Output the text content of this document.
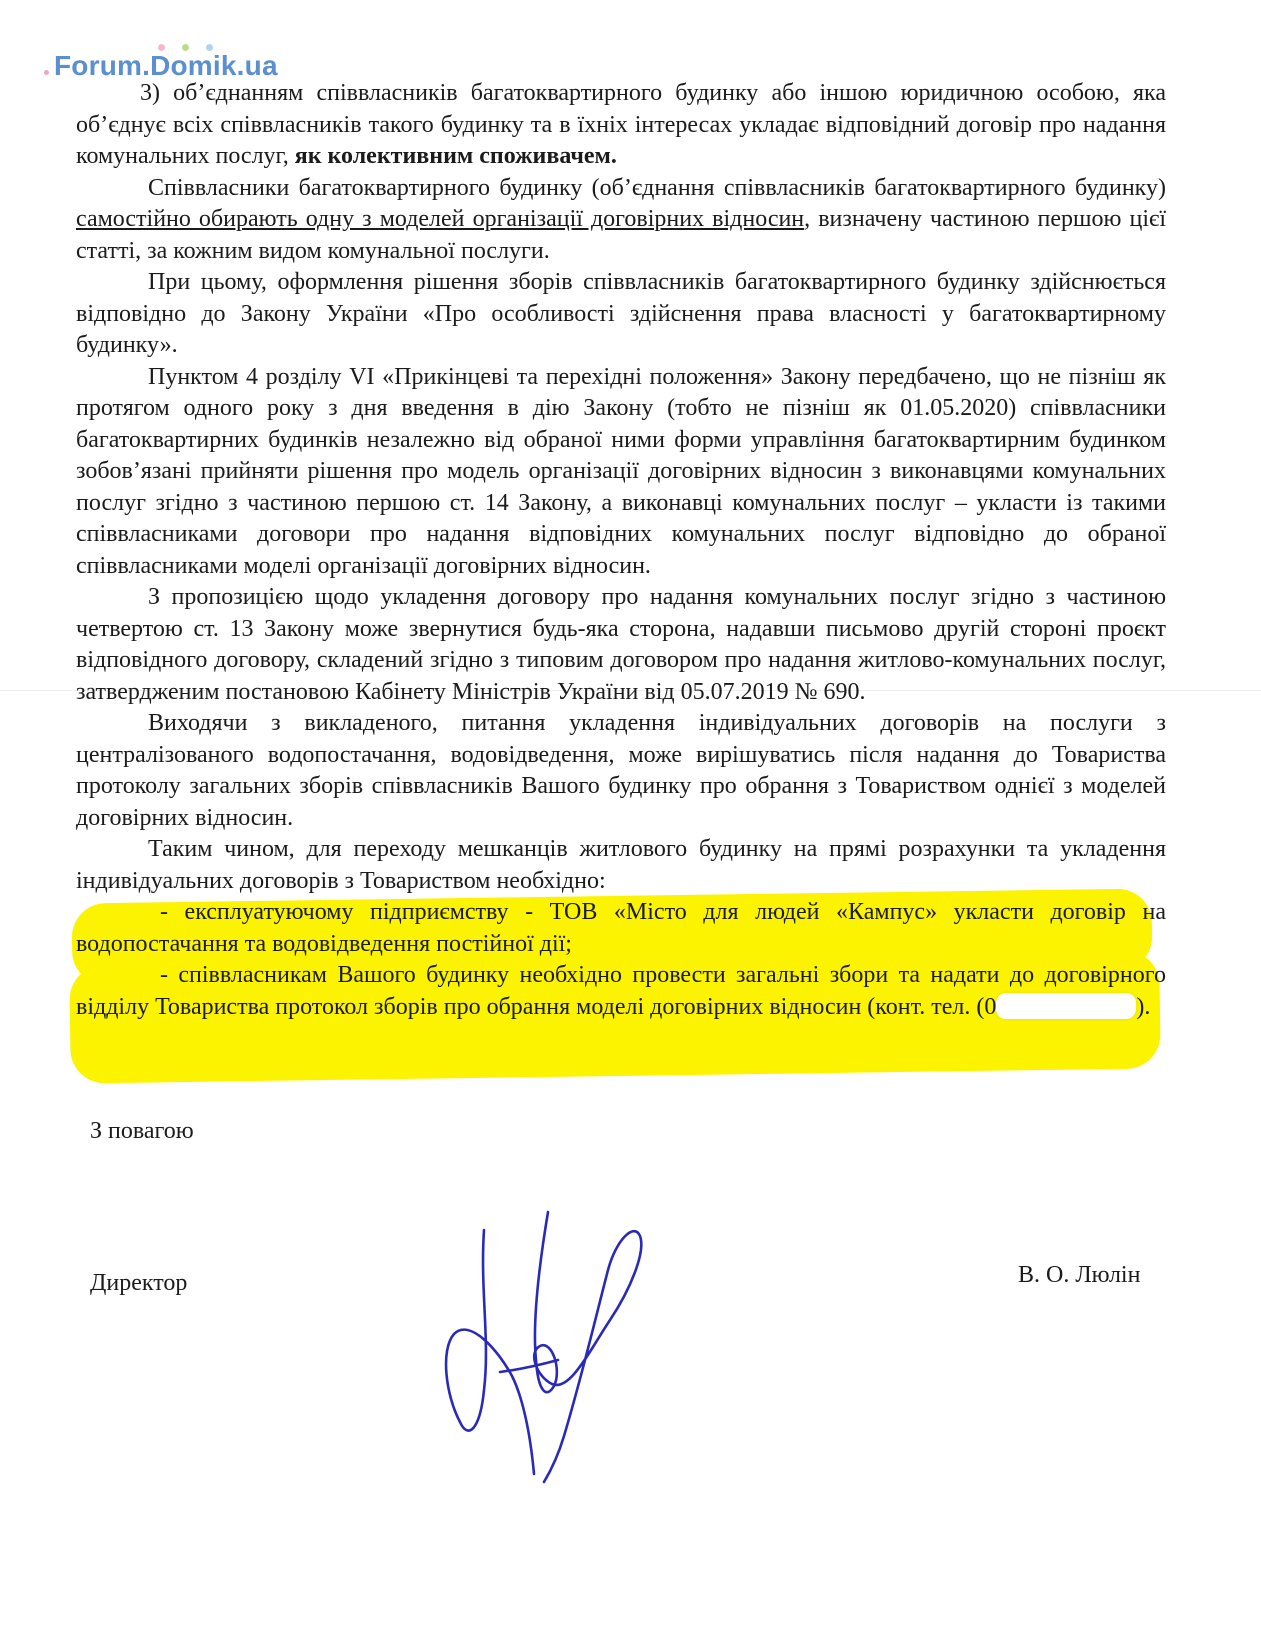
Forum.Domik.ua

3) об’єднанням співвласників багатоквартирного будинку або іншою юридичною особою, яка об’єднує всіх співвласників такого будинку та в їхніх інтересах укладає відповідний договір про надання комунальних послуг, як колективним споживачем.

Співвласники багатоквартирного будинку (об’єднання співвласників багатоквартирного будинку) самостійно обирають одну з моделей організації договірних відносин, визначену частиною першою цієї статті, за кожним видом комунальної послуги.

При цьому, оформлення рішення зборів співвласників багатоквартирного будинку здійснюється відповідно до Закону України «Про особливості здійснення права власності у багатоквартирному будинку».

Пунктом 4 розділу VI «Прикінцеві та перехідні положення» Закону передбачено, що не пізніш як протягом одного року з дня введення в дію Закону (тобто не пізніш як 01.05.2020) співвласники багатоквартирних будинків незалежно від обраної ними форми управління багатоквартирним будинком зобов’язані прийняти рішення про модель організації договірних відносин з виконавцями комунальних послуг згідно з частиною першою ст. 14 Закону, а виконавці комунальних послуг – укласти із такими співвласниками договори про надання відповідних комунальних послуг відповідно до обраної співвласниками моделі організації договірних відносин.

З пропозицією щодо укладення договору про надання комунальних послуг згідно з частиною четвертою ст. 13 Закону може звернутися будь-яка сторона, надавши письмово другій стороні проєкт відповідного договору, складений згідно з типовим договором про надання житлово-комунальних послуг, затвердженим постановою Кабінету Міністрів України від 05.07.2019 № 690.

Виходячи з викладеного, питання укладення індивідуальних договорів на послуги з централізованого водопостачання, водовідведення, може вирішуватись після надання до Товариства протоколу загальних зборів співвласників Вашого будинку про обрання з Товариством однієї з моделей договірних відносин.

Таким чином, для переходу мешканців житлового будинку на прямі розрахунки та укладення індивідуальних договорів з Товариством необхідно:

- експлуатуючому підприємству - ТОВ «Місто для людей «Кампус» укласти договір на водопостачання та водовідведення постійної дії;

- співвласникам Вашого будинку необхідно провести загальні збори та надати до договірного відділу Товариства протокол зборів про обрання моделі договірних відносин (конт. тел. (0	).

З повагою
Директор	В. О. Люлін
